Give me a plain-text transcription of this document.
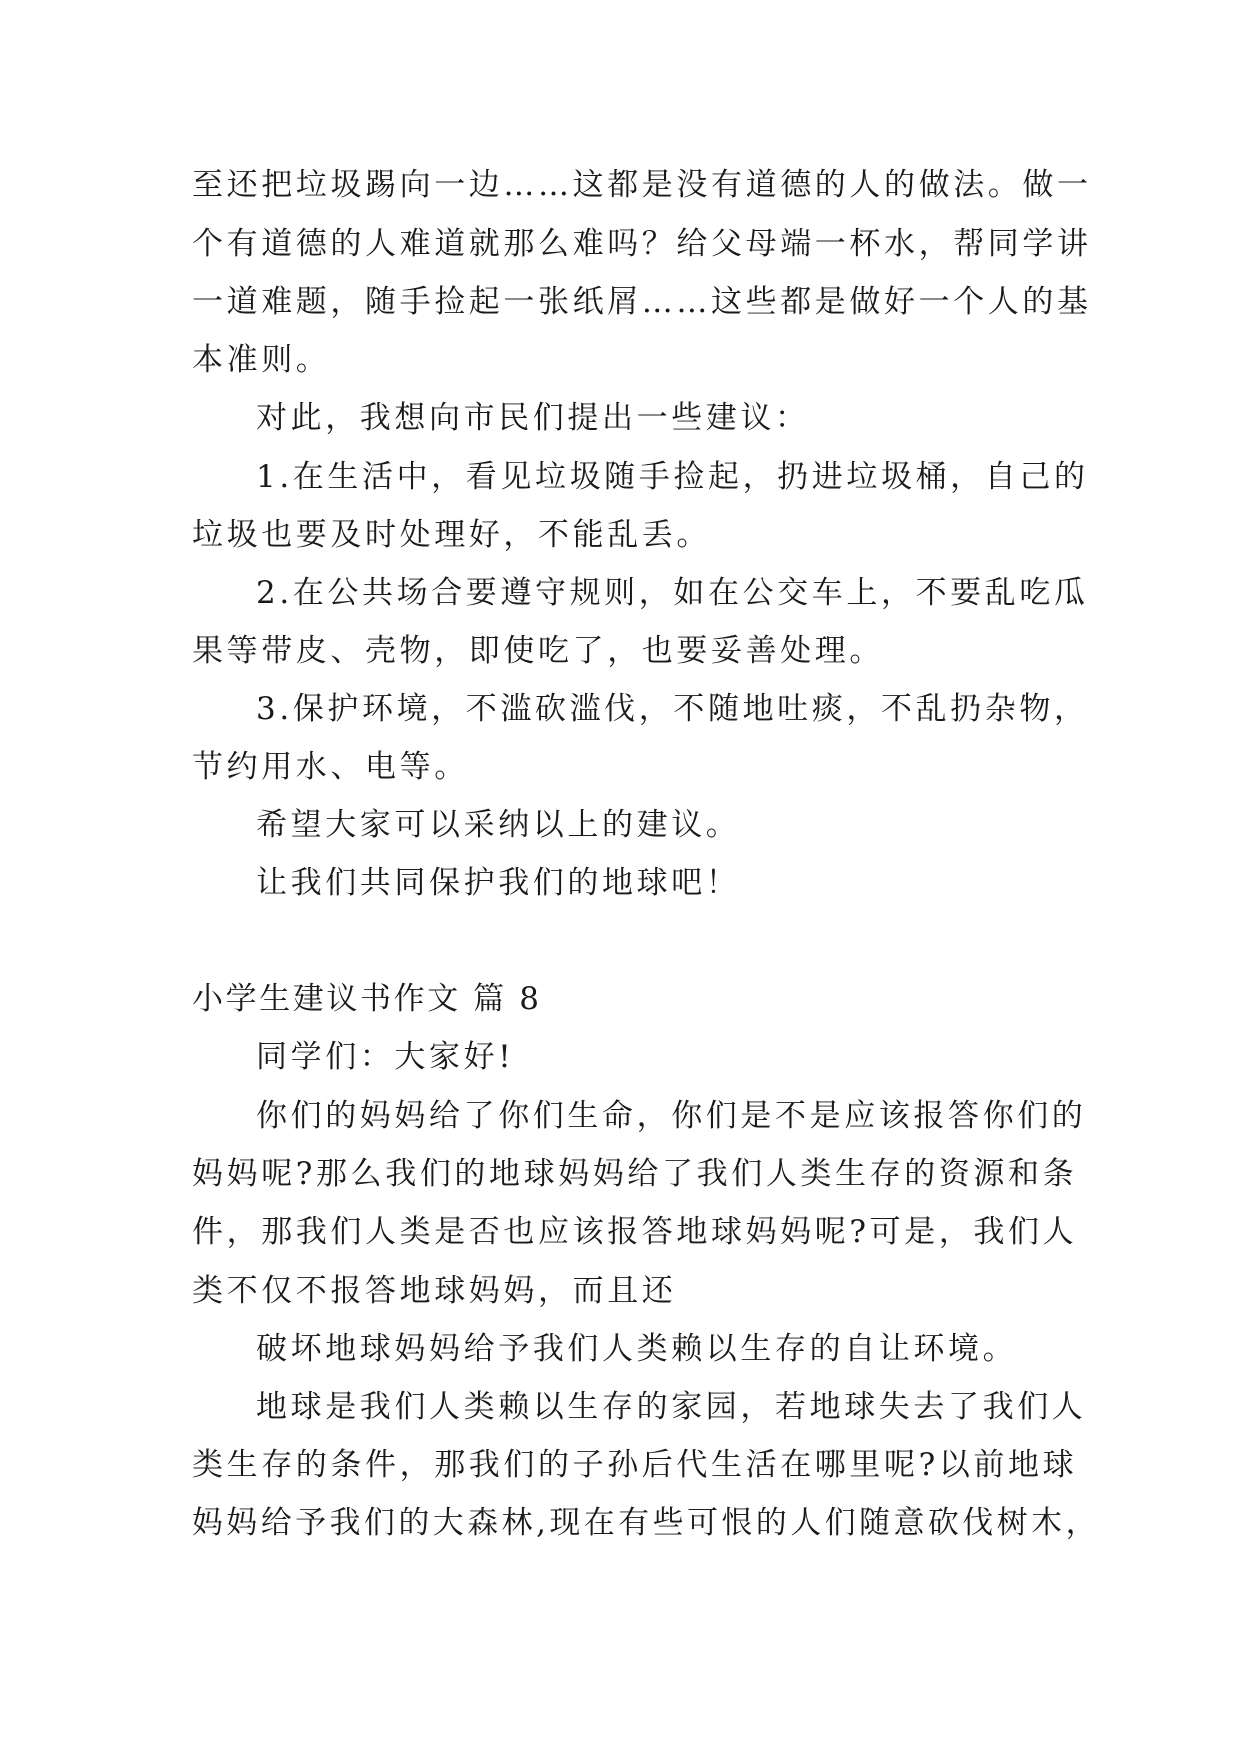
至还把垃圾踢向一边……这都是没有道德的人的做法。做一
个有道德的人难道就那么难吗？给父母端一杯水，帮同学讲
一道难题，随手捡起一张纸屑……这些都是做好一个人的基
本准则。
对此，我想向市民们提出一些建议：
1.在生活中，看见垃圾随手捡起，扔进垃圾桶，自己的
垃圾也要及时处理好，不能乱丢。
2.在公共场合要遵守规则，如在公交车上，不要乱吃瓜
果等带皮、壳物，即使吃了，也要妥善处理。
3.保护环境，不滥砍滥伐，不随地吐痰，不乱扔杂物，
节约用水、电等。
希望大家可以采纳以上的建议。
让我们共同保护我们的地球吧！
小学生建议书作文 篇 8
同学们：大家好!
你们的妈妈给了你们生命，你们是不是应该报答你们的
妈妈呢?那么我们的地球妈妈给了我们人类生存的资源和条
件，那我们人类是否也应该报答地球妈妈呢?可是，我们人
类不仅不报答地球妈妈，而且还
破坏地球妈妈给予我们人类赖以生存的自让环境。
地球是我们人类赖以生存的家园，若地球失去了我们人
类生存的条件，那我们的子孙后代生活在哪里呢?以前地球
妈妈给予我们的大森林,现在有些可恨的人们随意砍伐树木，
